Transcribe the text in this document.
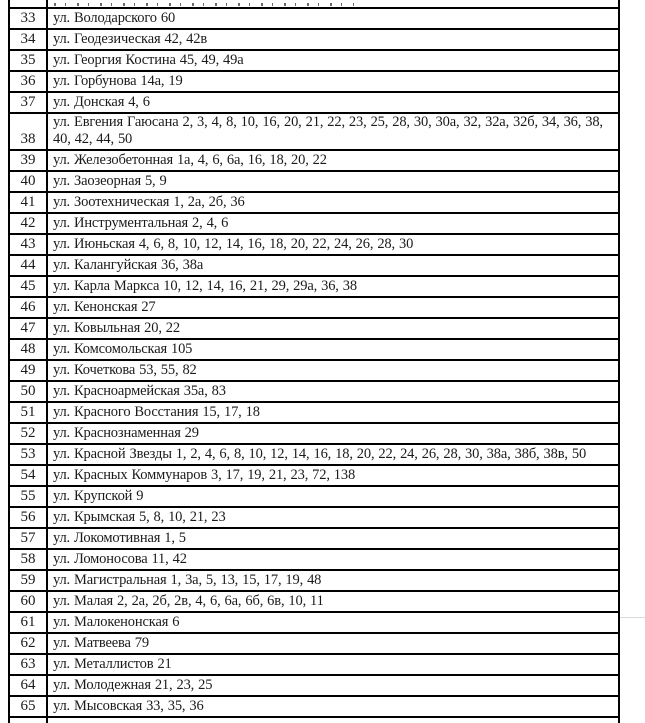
33	ул. Володарского 60
34	ул. Геодезическая 42, 42в
35	ул. Георгия Костина 45, 49, 49а
36	ул. Горбунова 14а, 19
37	ул. Донская 4, 6
38	ул. Евгения Гаюсана 2, 3, 4, 8, 10, 16, 20, 21, 22, 23, 25, 28, 30, 30а, 32, 32а, 32б, 34, 36, 38, 40, 42, 44, 50
39	ул. Железобетонная 1а, 4, 6, 6а, 16, 18, 20, 22
40	ул. Заозеорная 5, 9
41	ул. Зоотехническая 1, 2а, 2б, 36
42	ул. Инструментальная 2, 4, 6
43	ул. Июньская 4, 6, 8, 10, 12, 14, 16, 18, 20, 22, 24, 26, 28, 30
44	ул. Калангуйская 36, 38а
45	ул. Карла Маркса 10, 12, 14, 16, 21, 29, 29а, 36, 38
46	ул. Кенонская 27
47	ул. Ковыльная 20, 22
48	ул. Комсомольская 105
49	ул. Кочеткова 53, 55, 82
50	ул. Красноармейская 35а, 83
51	ул. Красного Восстания 15, 17, 18
52	ул. Краснознаменная 29
53	ул. Красной Звезды 1, 2, 4, 6, 8, 10, 12, 14, 16, 18, 20, 22, 24, 26, 28, 30, 38а, 38б, 38в, 50
54	ул. Красных Коммунаров 3, 17, 19, 21, 23, 72, 138
55	ул. Крупской 9
56	ул. Крымская 5, 8, 10, 21, 23
57	ул. Локомотивная 1, 5
58	ул. Ломоносова 11, 42
59	ул. Магистральная 1, 3а, 5, 13, 15, 17, 19, 48
60	ул. Малая 2, 2а, 2б, 2в, 4, 6, 6а, 6б, 6в, 10, 11
61	ул. Малокенонская 6
62	ул. Матвеева 79
63	ул. Металлистов 21
64	ул. Молодежная 21, 23, 25
65	ул. Мысовская 33, 35, 36
